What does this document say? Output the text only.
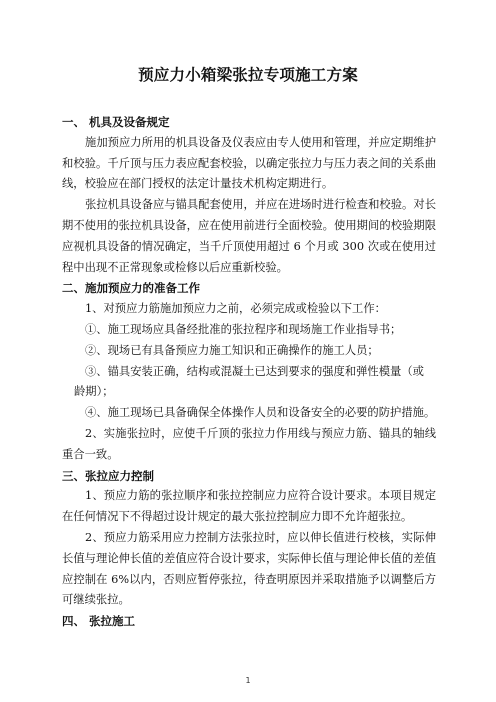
预应力小箱梁张拉专项施工方案

一、 机具及设备规定

施加预应力所用的机具设备及仪表应由专人使用和管理，并应定期维护和校验。千斤顶与压力表应配套校验，以确定张拉力与压力表之间的关系曲线，校验应在部门授权的法定计量技术机构定期进行。

张拉机具设备应与锚具配套使用，并应在进场时进行检查和校验。对长期不使用的张拉机具设备，应在使用前进行全面校验。使用期间的校验期限应视机具设备的情况确定，当千斤顶使用超过 6 个月或 300 次或在使用过程中出现不正常现象或检修以后应重新校验。

二、施加预应力的准备工作

1、对预应力筋施加预应力之前，必须完成或检验以下工作：

①、施工现场应具备经批准的张拉程序和现场施工作业指导书；

②、现场已有具备预应力施工知识和正确操作的施工人员；

③、锚具安装正确，结构或混凝土已达到要求的强度和弹性模量（或

龄期）；

④、施工现场已具备确保全体操作人员和设备安全的必要的防护措施。

2、实施张拉时，应使千斤顶的张拉力作用线与预应力筋、锚具的轴线重合一致。

三、张拉应力控制

1、预应力筋的张拉顺序和张拉控制应力应符合设计要求。本项目规定在任何情况下不得超过设计规定的最大张拉控制应力即不允许超张拉。

2、预应力筋采用应力控制方法张拉时，应以伸长值进行校核，实际伸长值与理论伸长值的差值应符合设计要求，实际伸长值与理论伸长值的差值应控制在 6%以内，否则应暂停张拉，待查明原因并采取措施予以调整后方可继续张拉。

四、 张拉施工

1
